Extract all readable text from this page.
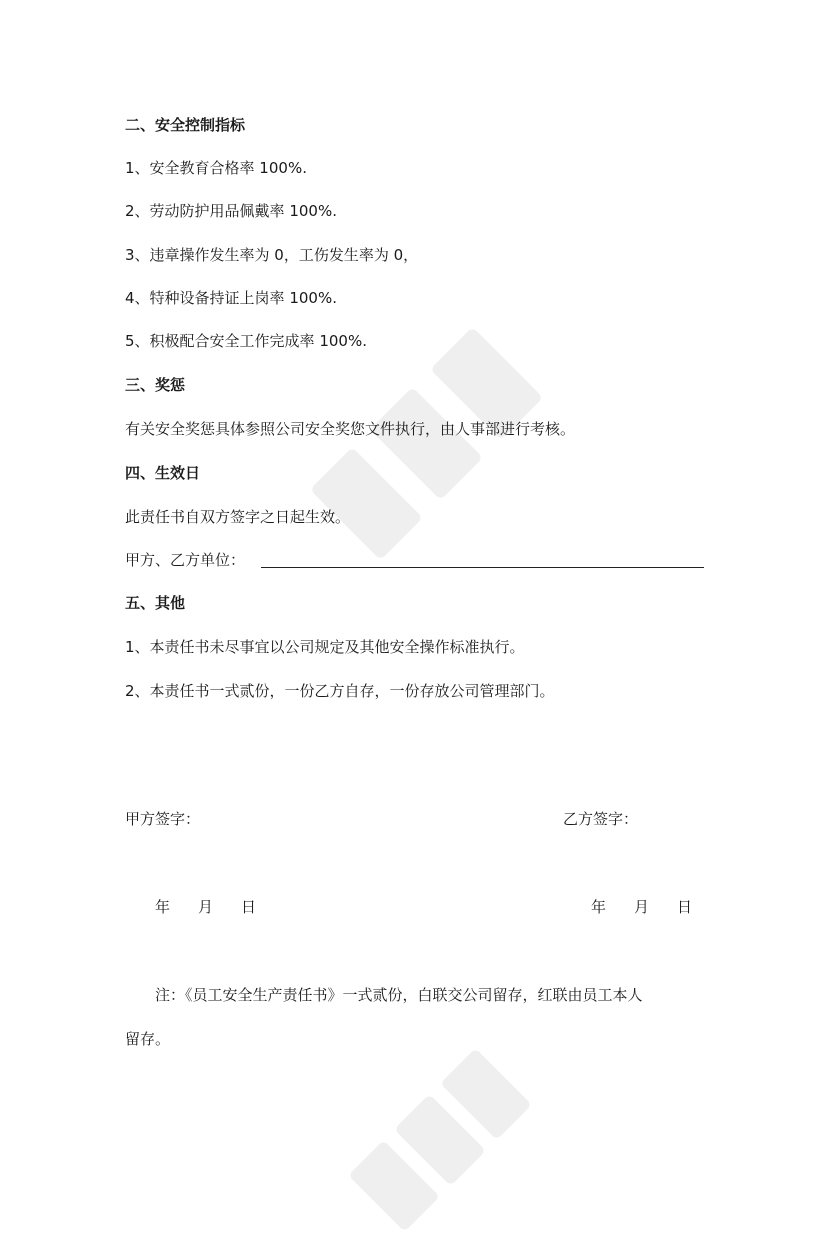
二、安全控制指标
1、安全教育合格率 100%.
2、劳动防护用品佩戴率 100%.
3、违章操作发生率为 0，工伤发生率为 0，
4、特种设备持证上岗率 100%.
5、积极配合安全工作完成率 100%.
三、奖惩
有关安全奖惩具体参照公司安全奖您文件执行，由人事部进行考核。
四、生效日
此责任书自双方签字之日起生效。
甲方、乙方单位：
五、其他
1、本责任书未尽事宜以公司规定及其他安全操作标准执行。
2、本责任书一式贰份，一份乙方自存，一份存放公司管理部门。
甲方签字：	乙方签字：
年 月 日	年 月 日
注：《员工安全生产责任书》一式贰份，白联交公司留存，红联由员工本人
留存。
